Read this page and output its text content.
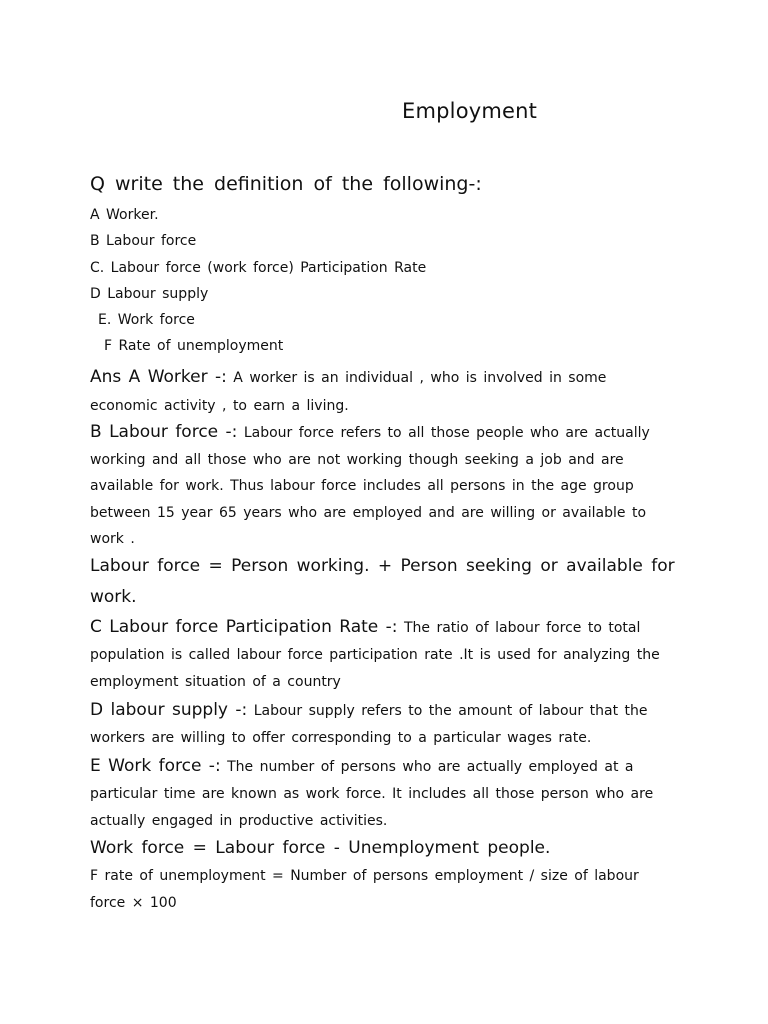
Employment
Q write the definition of the following-:
A Worker.
B Labour force
C. Labour force (work force) Participation Rate
D Labour supply
E. Work force
F Rate of unemployment
Ans A Worker -: A worker is an individual , who is involved in some
economic activity , to earn a living.
B Labour force -: Labour force refers to all those people who are actually
working and all those who are not working though seeking a job and are
available for work. Thus labour force includes all persons in the age group
between 15 year 65 years who are employed and are willing or available to
work .
Labour force = Person working. + Person seeking or available for
work.
C Labour force Participation Rate -: The ratio of labour force to total
population is called labour force participation rate .It is used for analyzing the
employment situation of a country
D labour supply -: Labour supply refers to the amount of labour that the
workers are willing to offer corresponding to a particular wages rate.
E Work force -: The number of persons who are actually employed at a
particular time are known as work force. It includes all those person who are
actually engaged in productive activities.
Work force = Labour force - Unemployment people.
F rate of unemployment = Number of persons employment / size of labour
force × 100
